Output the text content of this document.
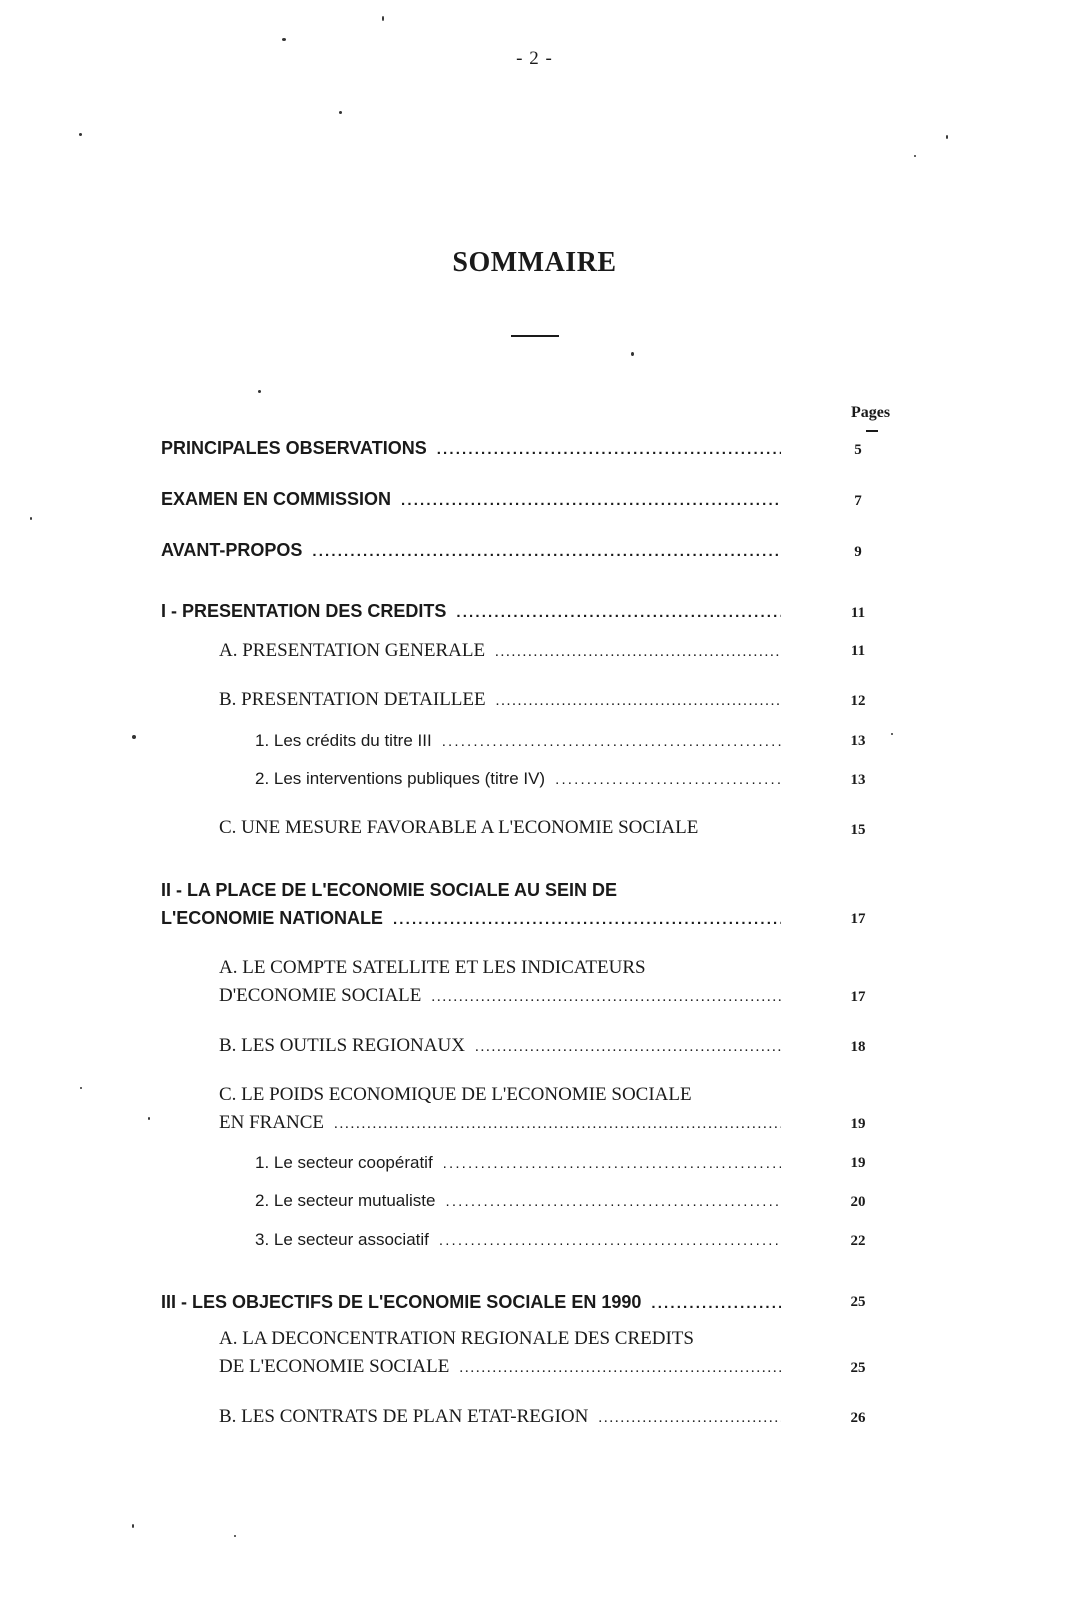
- 2 -
SOMMAIRE
Pages
PRINCIPALES OBSERVATIONS . . .	5
EXAMEN EN COMMISSION . . .	7
AVANT-PROPOS . . .	9
I - PRESENTATION DES CREDITS . . .	11
A. PRESENTATION GENERALE . . .	11
B. PRESENTATION DETAILLEE . . .	12
1. Les crédits du titre III . . .	13
2. Les interventions publiques (titre IV) . . .	13
C. UNE MESURE FAVORABLE A L'ECONOMIE SOCIALE	15
II - LA PLACE DE L'ECONOMIE SOCIALE AU SEIN DE
L'ECONOMIE NATIONALE . . .	17
A. LE COMPTE SATELLITE ET LES INDICATEURS
D'ECONOMIE SOCIALE . . .	17
B. LES OUTILS REGIONAUX . . .	18
C. LE POIDS ECONOMIQUE DE L'ECONOMIE SOCIALE
EN FRANCE . . .	19
1. Le secteur coopératif . . .	19
2. Le secteur mutualiste . . .	20
3. Le secteur associatif . . .	22
III - LES OBJECTIFS DE L'ECONOMIE SOCIALE EN 1990 . . .	25
A. LA DECONCENTRATION REGIONALE DES CREDITS
DE L'ECONOMIE SOCIALE . . .	25
B. LES CONTRATS DE PLAN ETAT-REGION . . .	26
